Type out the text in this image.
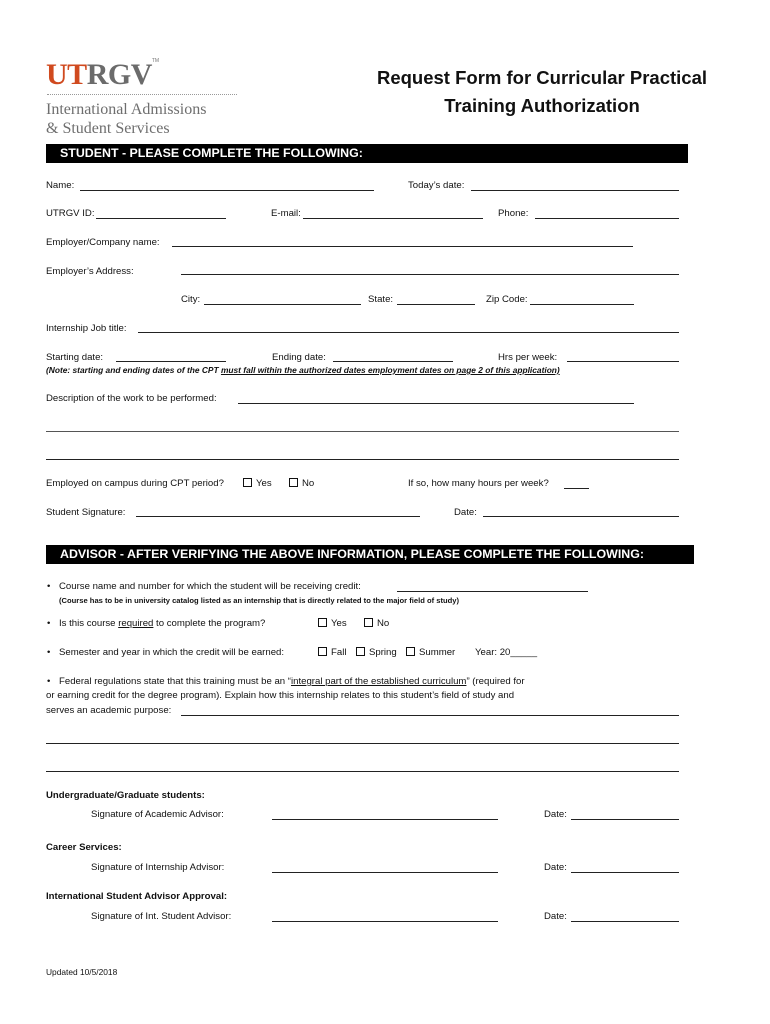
UTRGV™
International Admissions
& Student Services
Request Form for Curricular Practical
Training Authorization
STUDENT - PLEASE COMPLETE THE FOLLOWING:
Name:	Today’s date:
UTRGV ID:	E-mail:	Phone:
Employer/Company name:
Employer’s Address:
City:	State:	Zip Code:
Internship Job title:
Starting date:	Ending date:	Hrs per week:
(Note: starting and ending dates of the CPT must fall within the authorized dates employment dates on page 2 of this application)
Description of the work to be performed:
Employed on campus during CPT period?	Yes	No	If so, how many hours per week?
Student Signature:	Date:
ADVISOR - AFTER VERIFYING THE ABOVE INFORMATION, PLEASE COMPLETE THE FOLLOWING:
• Course name and number for which the student will be receiving credit:
(Course has to be in university catalog listed as an internship that is directly related to the major field of study)
• Is this course required to complete the program?	Yes	No
• Semester and year in which the credit will be earned:	Fall	Spring	Summer Year: 20_____
• Federal regulations state that this training must be an “integral part of the established curriculum” (required for
or earning credit for the degree program). Explain how this internship relates to this student’s field of study and
serves an academic purpose:
Undergraduate/Graduate students:
Signature of Academic Advisor:	Date:
Career Services:
Signature of Internship Advisor:	Date:
International Student Advisor Approval:
Signature of Int. Student Advisor:	Date:
Updated 10/5/2018
